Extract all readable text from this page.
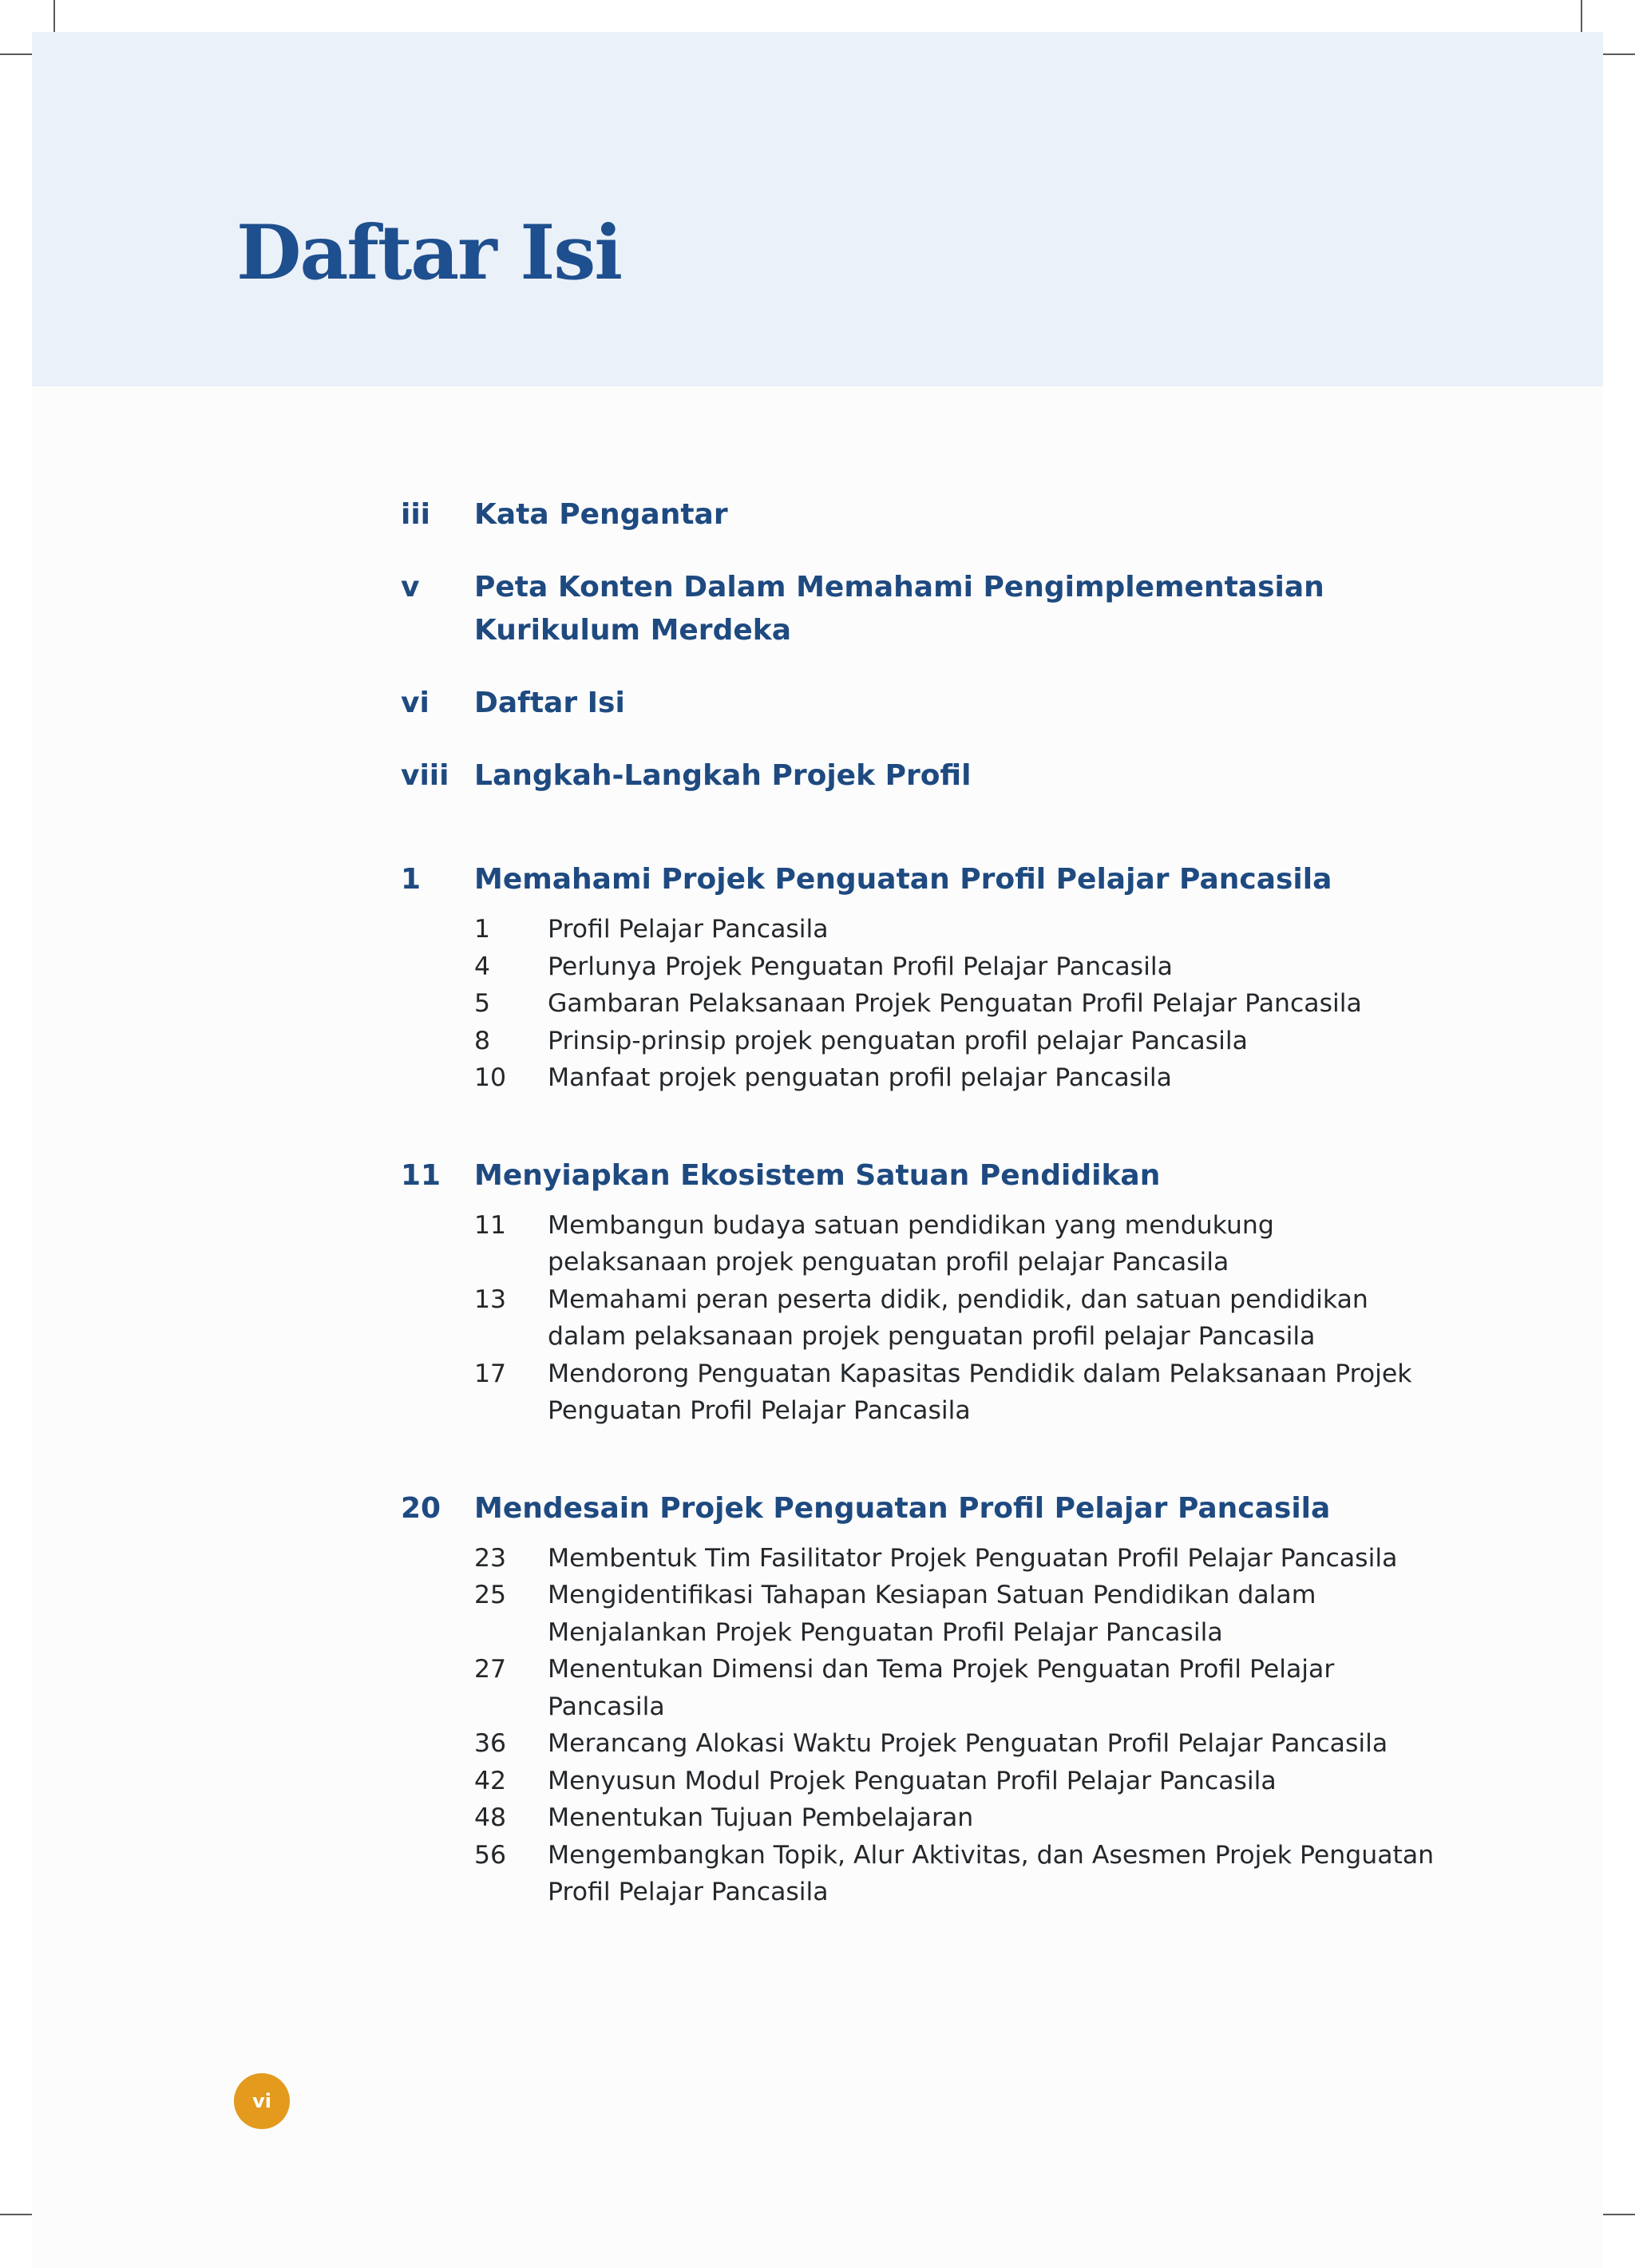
Daftar Isi
iii	Kata Pengantar
v	Peta Konten Dalam Memahami Pengimplementasian Kurikulum Merdeka
vi	Daftar Isi
viii Langkah-Langkah Projek Profil
1	Memahami Projek Penguatan Profil Pelajar Pancasila
1	Profil Pelajar Pancasila
4	Perlunya Projek Penguatan Profil Pelajar Pancasila
5	Gambaran Pelaksanaan Projek Penguatan Profil Pelajar Pancasila
8	Prinsip-prinsip projek penguatan profil pelajar Pancasila
10	Manfaat projek penguatan profil pelajar Pancasila
11	Menyiapkan Ekosistem Satuan Pendidikan
11	Membangun budaya satuan pendidikan yang mendukung pelaksanaan projek penguatan profil pelajar Pancasila
13	Memahami peran peserta didik, pendidik, dan satuan pendidikan dalam pelaksanaan projek penguatan profil pelajar Pancasila
17	Mendorong Penguatan Kapasitas Pendidik dalam Pelaksanaan Projek Penguatan Profil Pelajar Pancasila
20	Mendesain Projek Penguatan Profil Pelajar Pancasila
23	Membentuk Tim Fasilitator Projek Penguatan Profil Pelajar Pancasila
25	Mengidentifikasi Tahapan Kesiapan Satuan Pendidikan dalam Menjalankan Projek Penguatan Profil Pelajar Pancasila
27	Menentukan Dimensi dan Tema Projek Penguatan Profil Pelajar Pancasila
36	Merancang Alokasi Waktu Projek Penguatan Profil Pelajar Pancasila
42	Menyusun Modul Projek Penguatan Profil Pelajar Pancasila
48	Menentukan Tujuan Pembelajaran
56	Mengembangkan Topik, Alur Aktivitas, dan Asesmen Projek Penguatan Profil Pelajar Pancasila
vi
